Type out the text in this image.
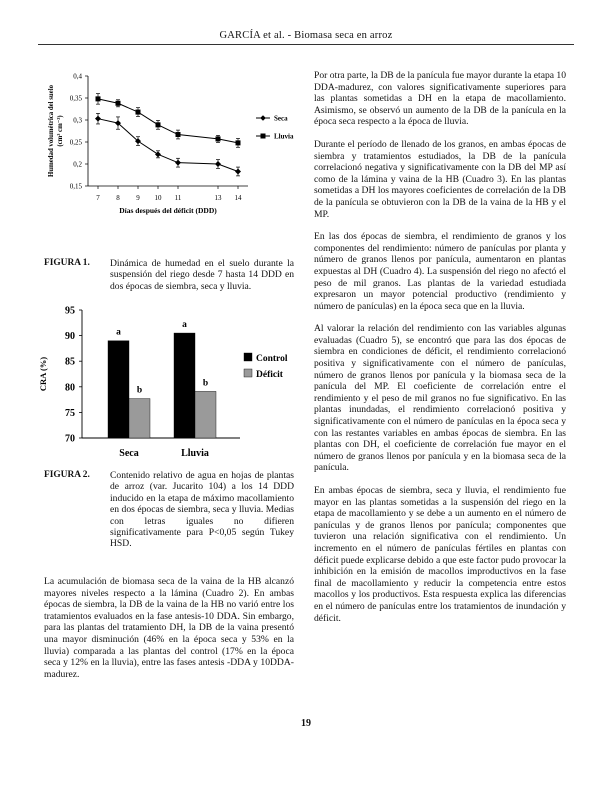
GARCÍA et al. - Biomasa seca en arroz
0,15
0,2
0,25
0,3
0,35
0,4
7 8 9 10 11	13 14
Días después del déficit (DDD)
Humedad volumétrica del suelo (cm³ cm⁻³)	Seca
Lluvia
FIGURA 1. Dinámica de humedad en el suelo durante la suspensión del riego desde 7 hasta 14 DDD en dos épocas de siembra, seca y lluvia.
70
75
80
85
90
95
CRA (%)
a
b
Seca
a
b
Lluvia
Control
Déficit
FIGURA 2. Contenido relativo de agua en hojas de plantas de arroz (var. Jucarito 104) a los 14 DDD inducido en la etapa de máximo macollamiento en dos épocas de siembra, seca y lluvia. Medias con letras iguales no difieren significativamente para P<0,05 según Tukey HSD.

La acumulación de biomasa seca de la vaina de la HB alcanzó mayores niveles respecto a la lámina (Cuadro 2). En ambas épocas de siembra, la DB de la vaina de la HB no varió entre los tratamientos evaluados en la fase antesis-10 DDA. Sin embargo, para las plantas del tratamiento DH, la DB de la vaina presentó una mayor disminución (46% en la época seca y 53% en la lluvia) comparada a las plantas del control (17% en la época seca y 12% en la lluvia), entre las fases antesis -DDA y 10DDA- madurez.

Por otra parte, la DB de la panícula fue mayor durante la etapa 10 DDA-madurez, con valores significativamente superiores para las plantas sometidas a DH en la etapa de macollamiento. Asimismo, se observó un aumento de la DB de la panícula en la época seca respecto a la época de lluvia.

Durante el período de llenado de los granos, en ambas épocas de siembra y tratamientos estudiados, la DB de la panícula correlacionó negativa y significativamente con la DB del MP así como de la lámina y vaina de la HB (Cuadro 3). En las plantas sometidas a DH los mayores coeficientes de correlación de la DB de la panícula se obtuvieron con la DB de la vaina de la HB y el MP.

En las dos épocas de siembra, el rendimiento de granos y los componentes del rendimiento: número de panículas por planta y número de granos llenos por panícula, aumentaron en plantas expuestas al DH (Cuadro 4). La suspensión del riego no afectó el peso de mil granos. Las plantas de la variedad estudiada expresaron un mayor potencial productivo (rendimiento y número de panículas) en la época seca que en la lluvia.

Al valorar la relación del rendimiento con las variables algunas evaluadas (Cuadro 5), se encontró que para las dos épocas de siembra en condiciones de déficit, el rendimiento correlacionó positiva y significativamente con el número de panículas, número de granos llenos por panícula y la biomasa seca de la panícula del MP. El coeficiente de correlación entre el rendimiento y el peso de mil granos no fue significativo. En las plantas inundadas, el rendimiento correlacionó positiva y significativamente con el número de panículas en la época seca y con las restantes variables en ambas épocas de siembra. En las plantas con DH, el coeficiente de correlación fue mayor en el número de granos llenos por panícula y en la biomasa seca de la panícula.

En ambas épocas de siembra, seca y lluvia, el rendimiento fue mayor en las plantas sometidas a la suspensión del riego en la etapa de macollamiento y se debe a un aumento en el número de panículas y de granos llenos por panícula; componentes que tuvieron una relación significativa con el rendimiento. Un incremento en el número de panículas fértiles en plantas con déficit puede explicarse debido a que este factor pudo provocar la inhibición en la emisión de macollos improductivos en la fase final de macollamiento y reducir la competencia entre estos macollos y los productivos. Esta respuesta explica las diferencias en el número de panículas entre los tratamientos de inundación y déficit.

19
